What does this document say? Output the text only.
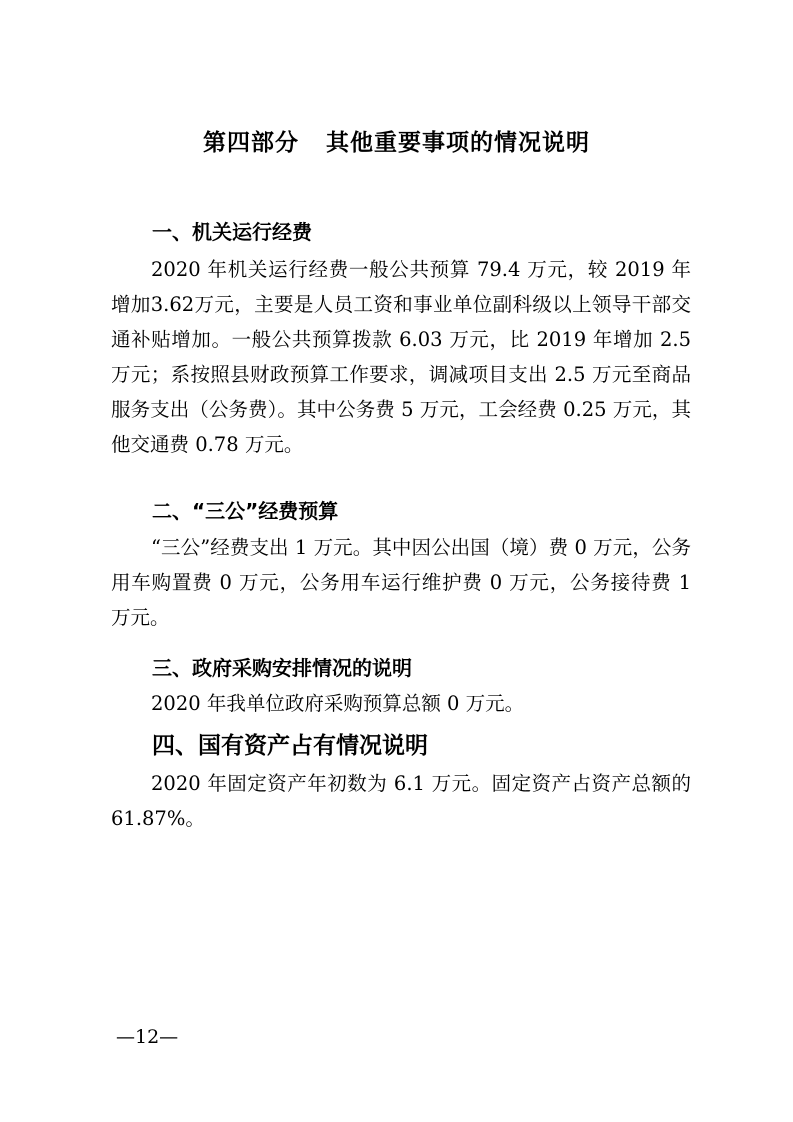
第四部分   其他重要事项的情况说明
一、机关运行经费

2020 年机关运行经费一般公共预算 79.4 万元，较 2019 年增加3.62万元，主要是人员工资和事业单位副科级以上领导干部交通补贴增加。一般公共预算拨款 6.03 万元，比 2019 年增加 2.5 万元；系按照县财政预算工作要求，调减项目支出 2.5 万元至商品服务支出（公务费）。其中公务费 5 万元，工会经费 0.25 万元，其他交通费 0.78 万元。

二、“三公”经费预算

“三公”经费支出 1 万元。其中因公出国（境）费 0 万元，公务用车购置费 0 万元，公务用车运行维护费 0 万元，公务接待费 1 万元。

三、政府采购安排情况的说明

2020 年我单位政府采购预算总额 0 万元。

四、国有资产占有情况说明

2020 年固定资产年初数为 6.1 万元。固定资产占资产总额的61.87%。

—12—
